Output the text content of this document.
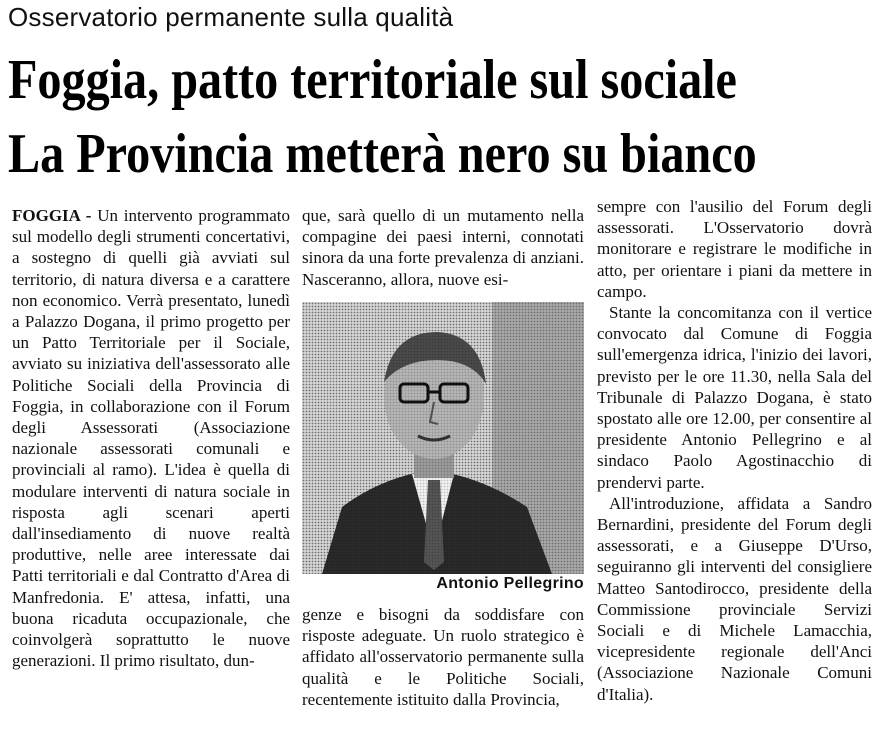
Osservatorio permanente sulla qualità
Foggia, patto territoriale sul sociale
La Provincia metterà nero su bianco

FOGGIA - Un intervento programmato sul modello degli strumenti concertativi, a sostegno di quelli già avviati sul territorio, di natura diversa e a carattere non economico. Verrà presentato, lunedì a Palazzo Dogana, il primo progetto per un Patto Territoriale per il Sociale, avviato su iniziativa dell'assessorato alle Politiche Sociali della Provincia di Foggia, in collaborazione con il Forum degli Assessorati (Associazione nazionale assessorati comunali e provinciali al ramo). L'idea è quella di modulare interventi di natura sociale in risposta agli scenari aperti dall'insediamento di nuove realtà produttive, nelle aree interessate dai Patti territoriali e dal Contratto d'Area di Manfredonia. E' attesa, infatti, una buona ricaduta occupazionale, che coinvolgerà soprattutto le nuove generazioni. Il primo risultato, dun-

que, sarà quello di un mutamento nella compagine dei paesi interni, connotati sinora da una forte prevalenza di anziani. Nasceranno, allora, nuove esi-

Antonio Pellegrino

genze e bisogni da soddisfare con risposte adeguate. Un ruolo strategico è affidato all'osservatorio permanente sulla qualità e le Politiche Sociali, recentemente istituito dalla Provincia,

sempre con l'ausilio del Forum degli assessorati. L'Osservatorio dovrà monitorare e registrare le modifiche in atto, per orientare i piani da mettere in campo.

Stante la concomitanza con il vertice convocato dal Comune di Foggia sull'emergenza idrica, l'inizio dei lavori, previsto per le ore 11.30, nella Sala del Tribunale di Palazzo Dogana, è stato spostato alle ore 12.00, per consentire al presidente Antonio Pellegrino e al sindaco Paolo Agostinacchio di prendervi parte.

All'introduzione, affidata a Sandro Bernardini, presidente del Forum degli assessorati, e a Giuseppe D'Urso, seguiranno gli interventi del consigliere Matteo Santodirocco, presidente della Commissione provinciale Servizi Sociali e di Michele Lamacchia, vicepresidente regionale dell'Anci (Associazione Nazionale Comuni d'Italia).
